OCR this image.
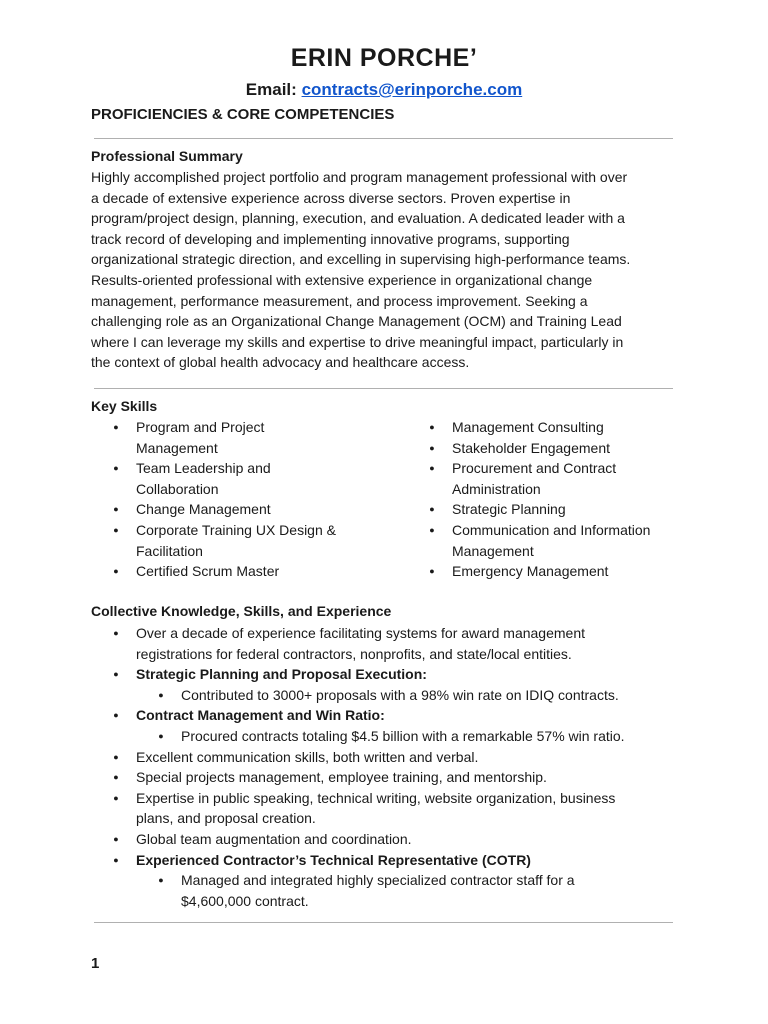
ERIN PORCHE’
Email: contracts@erinporche.com
PROFICIENCIES & CORE COMPETENCIES
Professional Summary
Highly accomplished project portfolio and program management professional with over
a decade of extensive experience across diverse sectors. Proven expertise in
program/project design, planning, execution, and evaluation. A dedicated leader with a
track record of developing and implementing innovative programs, supporting
organizational strategic direction, and excelling in supervising high-performance teams.
Results-oriented professional with extensive experience in organizational change
management, performance measurement, and process improvement. Seeking a
challenging role as an Organizational Change Management (OCM) and Training Lead
where I can leverage my skills and expertise to drive meaningful impact, particularly in
the context of global health advocacy and healthcare access.
Key Skills
● Program and Project
Management
● Team Leadership and
Collaboration
● Change Management
● Corporate Training UX Design &
Facilitation
● Certified Scrum Master
● Management Consulting
● Stakeholder Engagement
● Procurement and Contract
Administration
● Strategic Planning
● Communication and Information
Management
● Emergency Management
Collective Knowledge, Skills, and Experience
● Over a decade of experience facilitating systems for award management
registrations for federal contractors, nonprofits, and state/local entities.
● Strategic Planning and Proposal Execution:
● Contributed to 3000+ proposals with a 98% win rate on IDIQ contracts.
● Contract Management and Win Ratio:
● Procured contracts totaling $4.5 billion with a remarkable 57% win ratio.
● Excellent communication skills, both written and verbal.
● Special projects management, employee training, and mentorship.
● Expertise in public speaking, technical writing, website organization, business
plans, and proposal creation.
● Global team augmentation and coordination.
● Experienced Contractor’s Technical Representative (COTR)
● Managed and integrated highly specialized contractor staff for a
$4,600,000 contract.
1
